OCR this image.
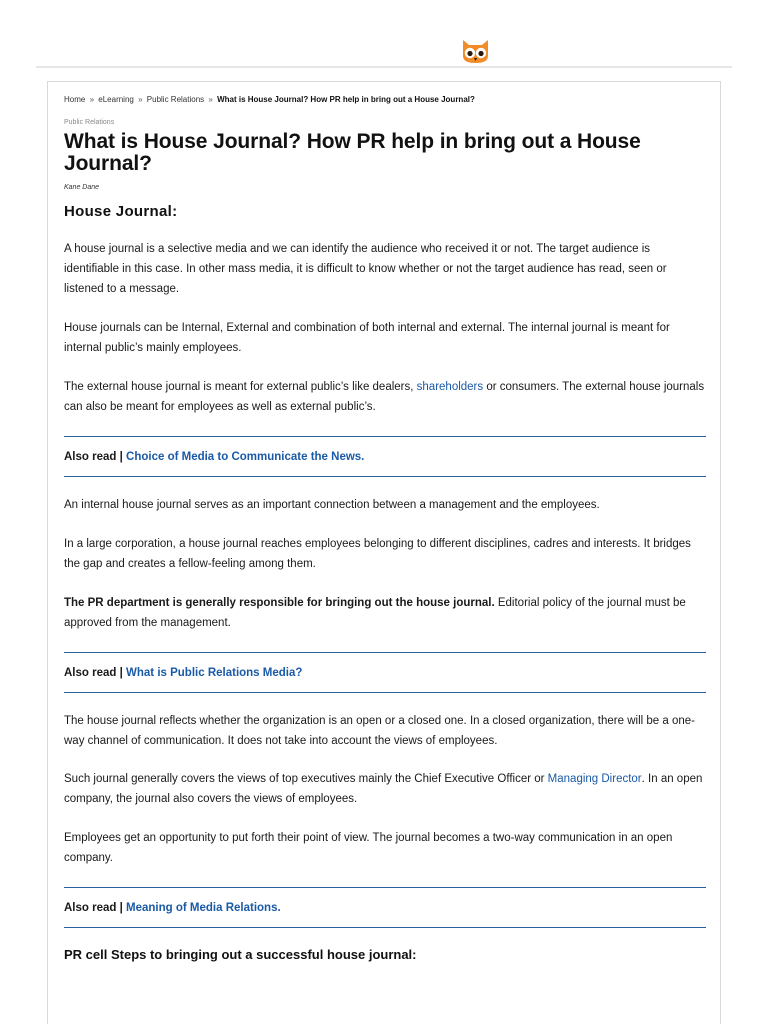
Home » eLearning » Public Relations » What is House Journal? How PR help in bring out a House Journal?
Public Relations
What is House Journal? How PR help in bring out a House Journal?
Kane Dane
House Journal:
A house journal is a selective media and we can identify the audience who received it or not. The target audience is identifiable in this case. In other mass media, it is difficult to know whether or not the target audience has read, seen or listened to a message.
House journals can be Internal, External and combination of both internal and external. The internal journal is meant for internal public’s mainly employees.
The external house journal is meant for external public’s like dealers, shareholders or consumers. The external house journals can also be meant for employees as well as external public’s.
Also read | Choice of Media to Communicate the News.
An internal house journal serves as an important connection between a management and the employees.
In a large corporation, a house journal reaches employees belonging to different disciplines, cadres and interests. It bridges the gap and creates a fellow-feeling among them.
The PR department is generally responsible for bringing out the house journal. Editorial policy of the journal must be approved from the management.
Also read | What is Public Relations Media?
The house journal reflects whether the organization is an open or a closed one. In a closed organization, there will be a one-way channel of communication. It does not take into account the views of employees.
Such journal generally covers the views of top executives mainly the Chief Executive Officer or Managing Director. In an open company, the journal also covers the views of employees.
Employees get an opportunity to put forth their point of view. The journal becomes a two-way communication in an open company.
Also read | Meaning of Media Relations.
PR cell Steps to bringing out a successful house journal:
